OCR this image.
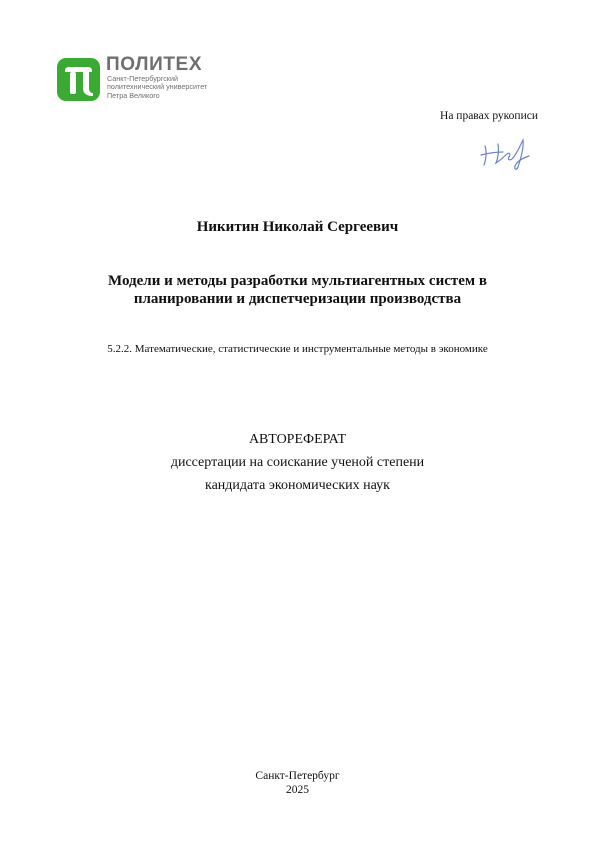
ПОЛИТЕХ
Санкт-Петербургский
политехнический университет
Петра Великого
На правах рукописи
Никитин Николай Сергеевич
Модели и методы разработки мультиагентных систем в
планировании и диспетчеризации производства
5.2.2. Математические, статистические и инструментальные методы в экономике
АВТОРЕФЕРАТ
диссертации на соискание ученой степени
кандидата экономических наук
Санкт-Петербург
2025
